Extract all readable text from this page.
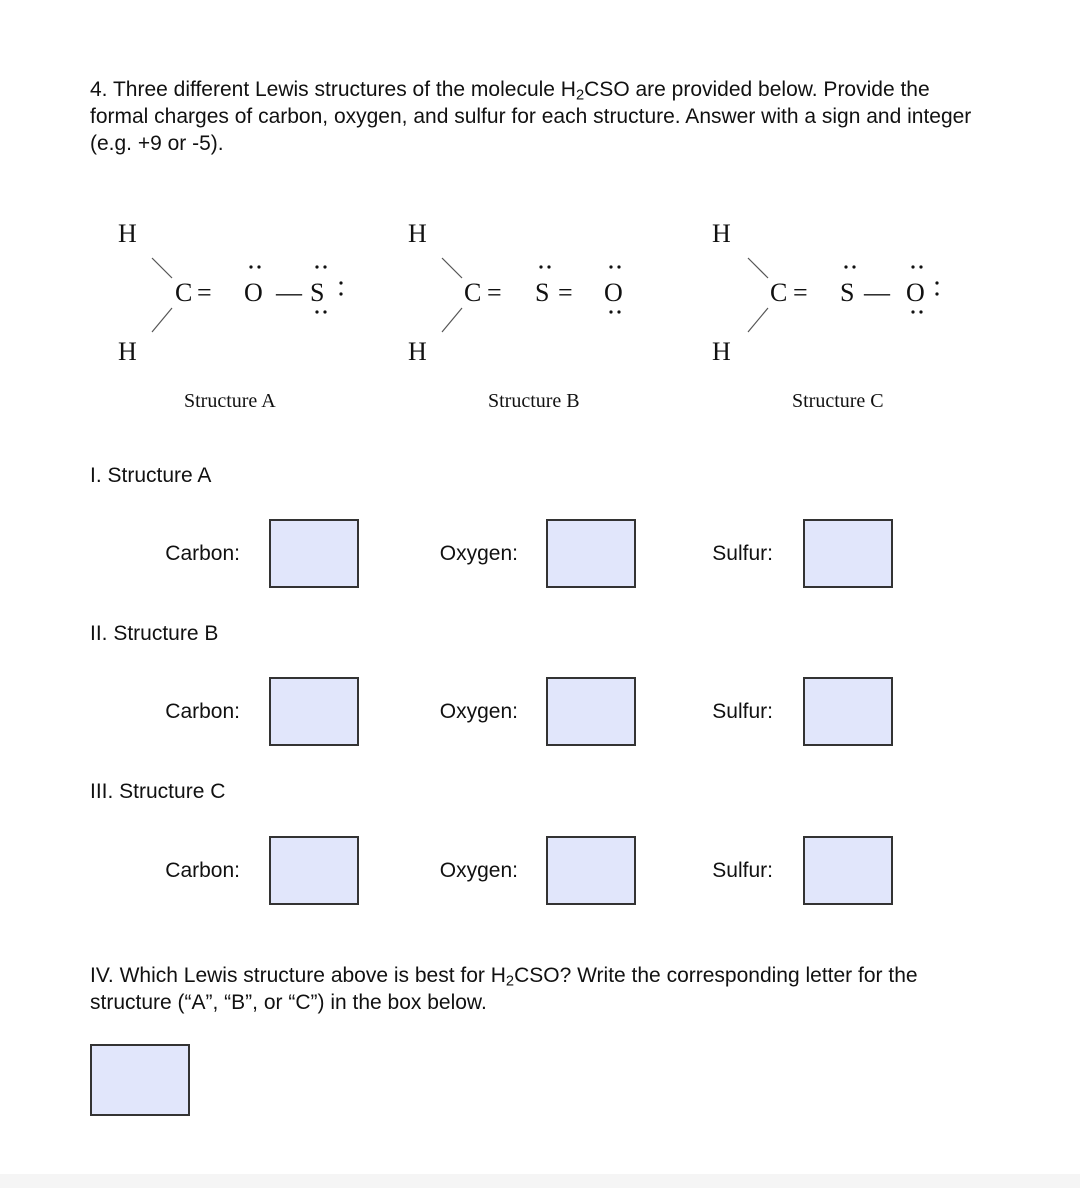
4. Three different Lewis structures of the molecule $H_2CSO$ are provided below. Provide the formal charges of carbon, oxygen, and sulfur for each structure. Answer with a sign and integer (e.g. +9 or -5).
H
H
C = O — S
Structure A
H
H
C = S = O
Structure B
H
H
C = S — O
Structure C
I. Structure A
Carbon:	Oxygen:	Sulfur:
II. Structure B
Carbon:	Oxygen:	Sulfur:
III. Structure C
Carbon:	Oxygen:	Sulfur:
IV. Which Lewis structure above is best for $H_2CSO$? Write the corresponding letter for the structure (“A”, “B”, or “C”) in the box below.
